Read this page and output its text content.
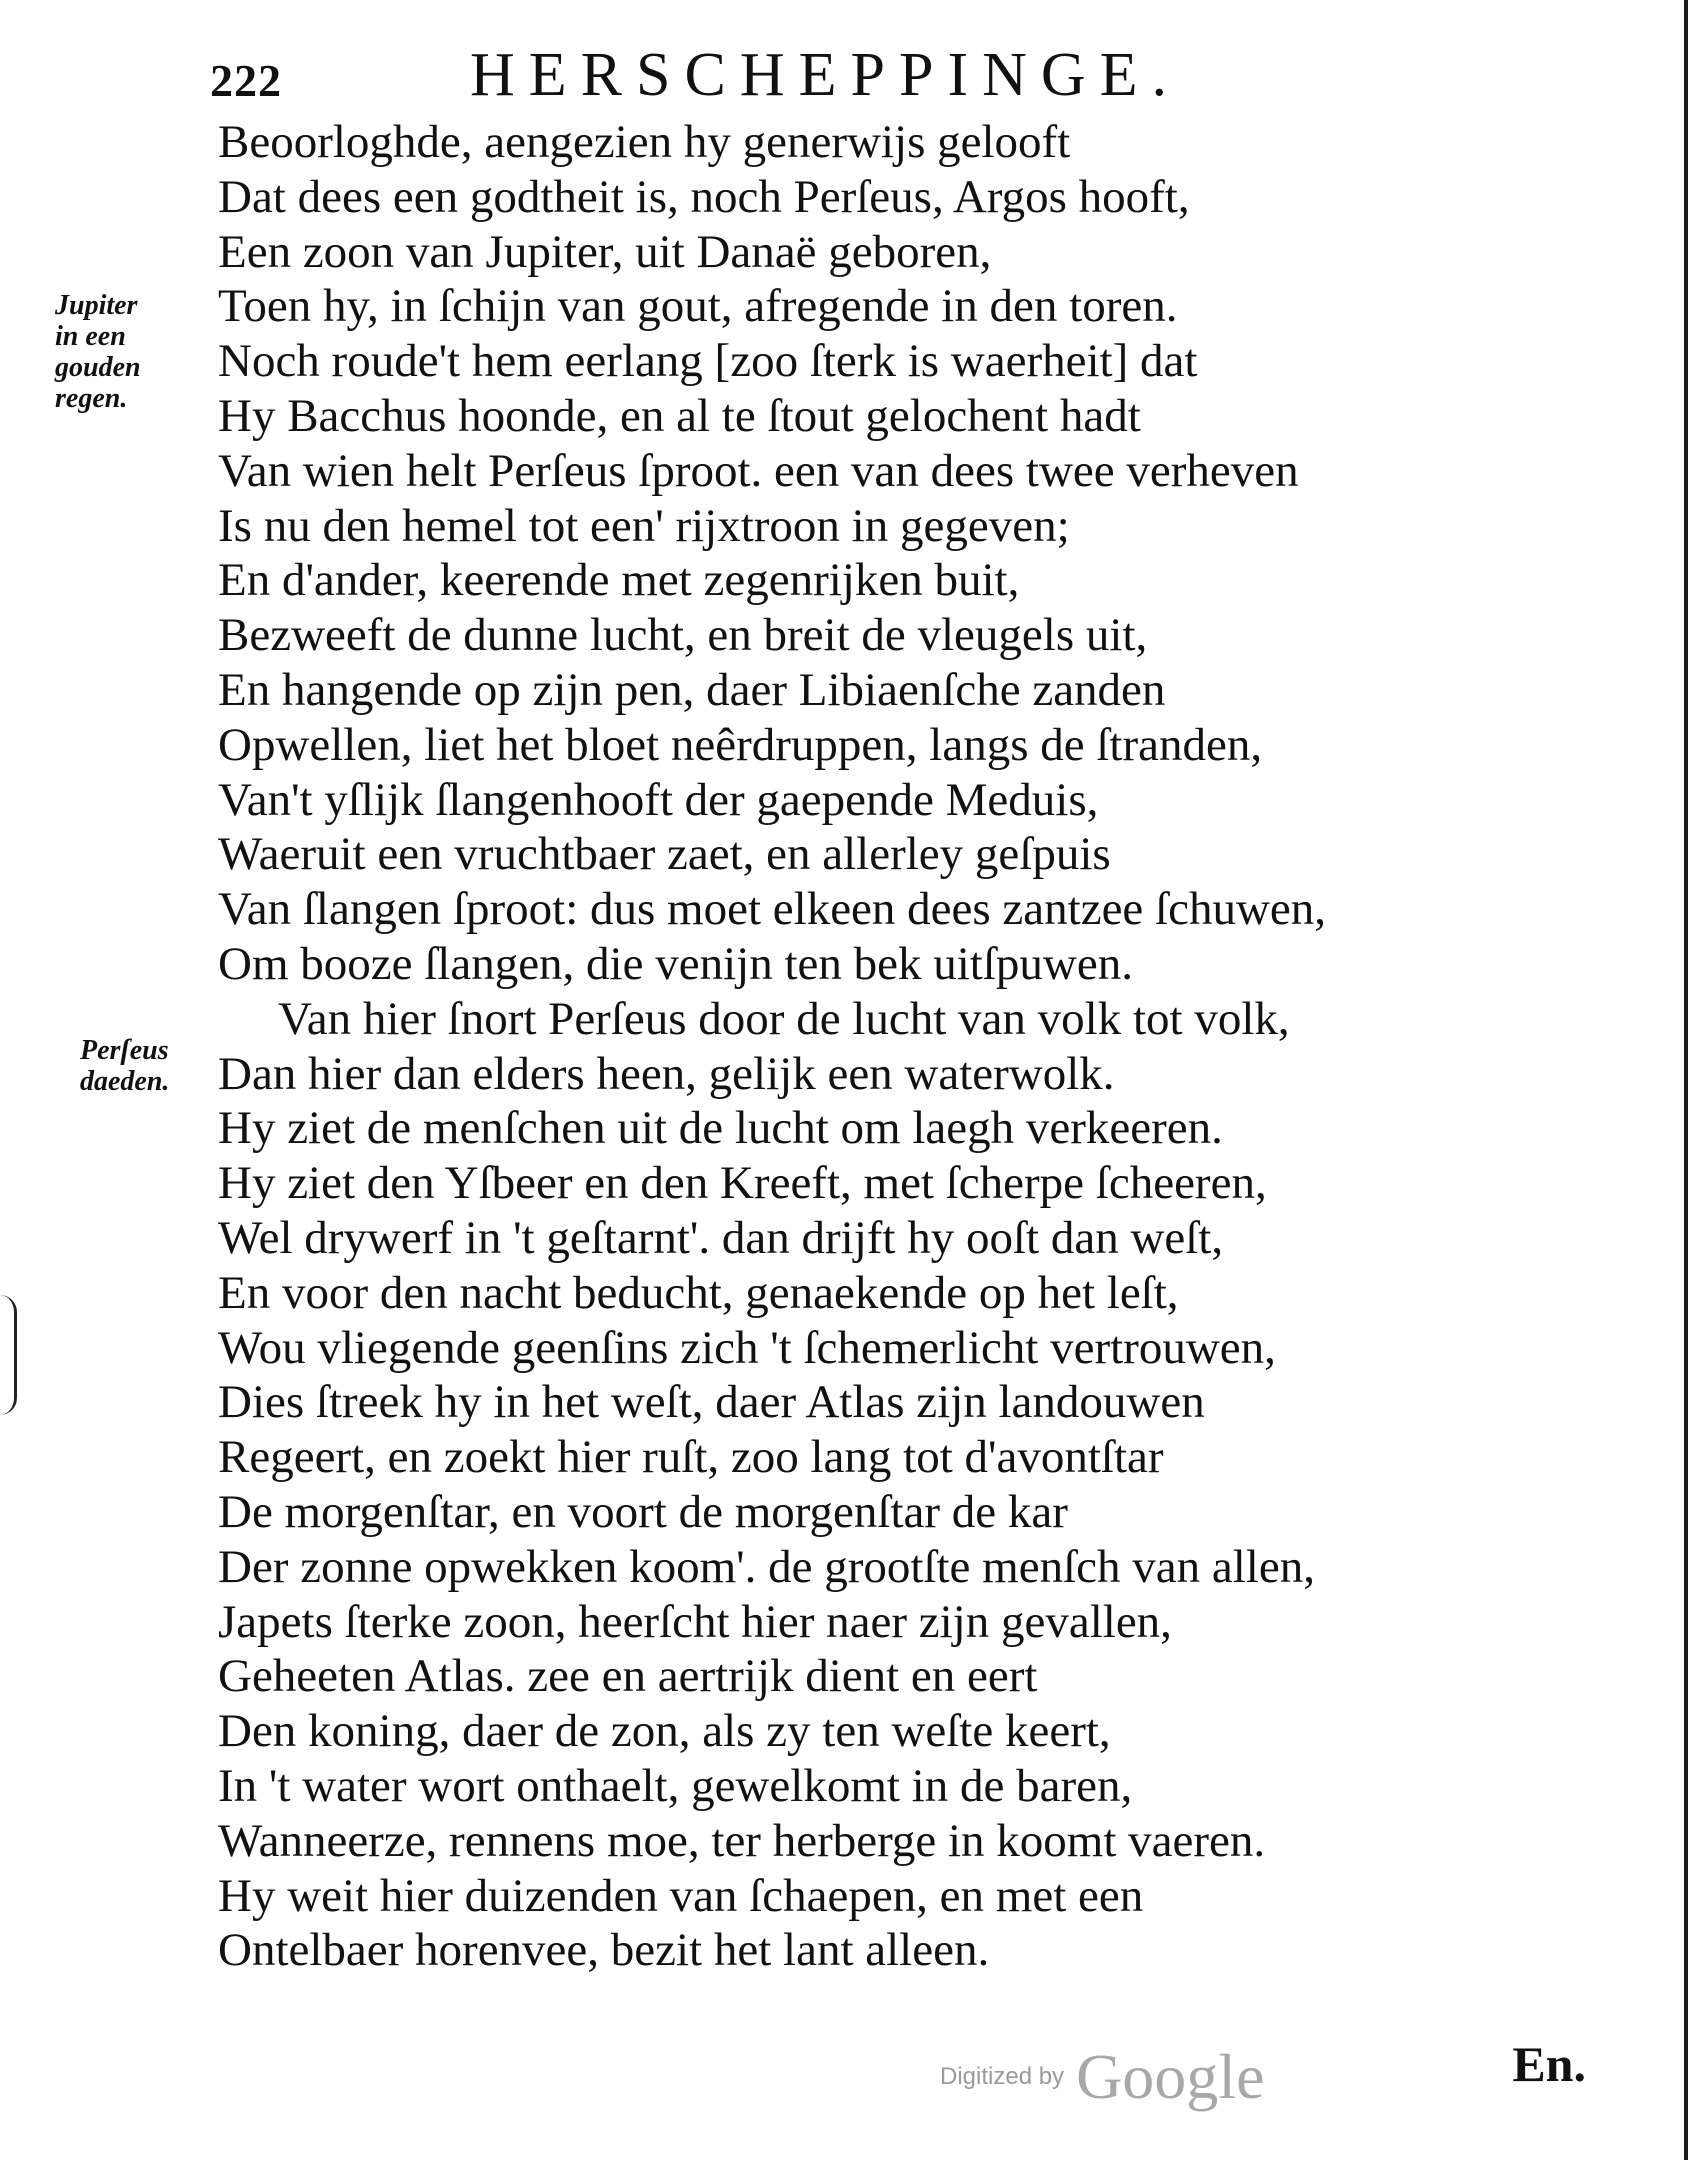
222	HERSCHEPPINGE.
Jupiter
in een
gouden
regen.
Perſeus
daeden.
Beoorloghde, aengezien hy generwijs gelooft
Dat dees een godtheit is, noch Perſeus, Argos hooft,
Een zoon van Jupiter, uit Danaë geboren,
Toen hy, in ſchijn van gout, afregende in den toren.
Noch roude't hem eerlang [zoo ſterk is waerheit] dat
Hy Bacchus hoonde, en al te ſtout gelochent hadt
Van wien helt Perſeus ſproot. een van dees twee verheven
Is nu den hemel tot een' rijxtroon in gegeven;
En d'ander, keerende met zegenrijken buit,
Bezweeft de dunne lucht, en breit de vleugels uit,
En hangende op zijn pen, daer Libiaenſche zanden
Opwellen, liet het bloet neêrdruppen, langs de ſtranden,
Van't yſlijk ſlangenhooft der gaepende Meduis,
Waeruit een vruchtbaer zaet, en allerley geſpuis
Van ſlangen ſproot: dus moet elkeen dees zantzee ſchuwen,
Om booze ſlangen, die venijn ten bek uitſpuwen.
Van hier ſnort Perſeus door de lucht van volk tot volk,
Dan hier dan elders heen, gelijk een waterwolk.
Hy ziet de menſchen uit de lucht om laegh verkeeren.
Hy ziet den Yſbeer en den Kreeft, met ſcherpe ſcheeren,
Wel drywerf in 't geſtarnt'. dan drijft hy ooſt dan weſt,
En voor den nacht beducht, genaekende op het leſt,
Wou vliegende geenſins zich 't ſchemerlicht vertrouwen,
Dies ſtreek hy in het weſt, daer Atlas zijn landouwen
Regeert, en zoekt hier ruſt, zoo lang tot d'avontſtar
De morgenſtar, en voort de morgenſtar de kar
Der zonne opwekken koom'. de grootſte menſch van allen,
Japets ſterke zoon, heerſcht hier naer zijn gevallen,
Geheeten Atlas. zee en aertrijk dient en eert
Den koning, daer de zon, als zy ten weſte keert,
In 't water wort onthaelt, gewelkomt in de baren,
Wanneerze, rennens moe, ter herberge in koomt vaeren.
Hy weit hier duizenden van ſchaepen, en met een
Ontelbaer horenvee, bezit het lant alleen.
En.
Digitized by Google
